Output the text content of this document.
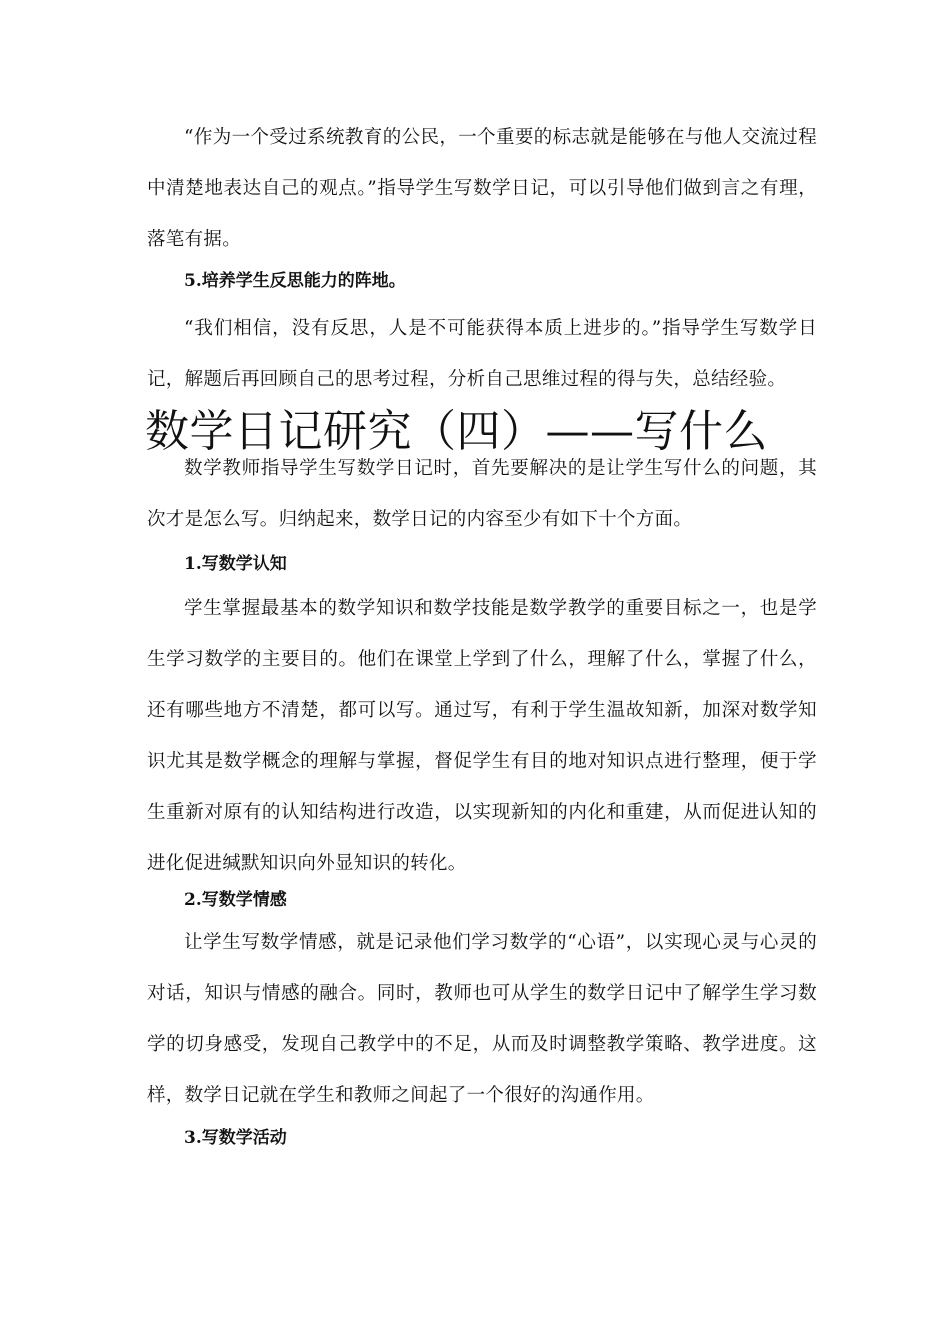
“作为一个受过系统教育的公民，一个重要的标志就是能够在与他人交流过程中清楚地表达自己的观点。”指导学生写数学日记，可以引导他们做到言之有理，落笔有据。

5.培养学生反思能力的阵地。

“我们相信，没有反思，人是不可能获得本质上进步的。”指导学生写数学日记，解题后再回顾自己的思考过程，分析自己思维过程的得与失，总结经验。

数学日记研究（四）——写什么

数学教师指导学生写数学日记时，首先要解决的是让学生写什么的问题，其次才是怎么写。归纳起来，数学日记的内容至少有如下十个方面。

1.写数学认知

学生掌握最基本的数学知识和数学技能是数学教学的重要目标之一，也是学生学习数学的主要目的。他们在课堂上学到了什么，理解了什么，掌握了什么，还有哪些地方不清楚，都可以写。通过写，有利于学生温故知新，加深对数学知识尤其是数学概念的理解与掌握，督促学生有目的地对知识点进行整理，便于学生重新对原有的认知结构进行改造，以实现新知的内化和重建，从而促进认知的进化促进缄默知识向外显知识的转化。

2.写数学情感

让学生写数学情感，就是记录他们学习数学的“心语”，以实现心灵与心灵的对话，知识与情感的融合。同时，教师也可从学生的数学日记中了解学生学习数学的切身感受，发现自己教学中的不足，从而及时调整教学策略、教学进度。这样，数学日记就在学生和教师之间起了一个很好的沟通作用。

3.写数学活动
